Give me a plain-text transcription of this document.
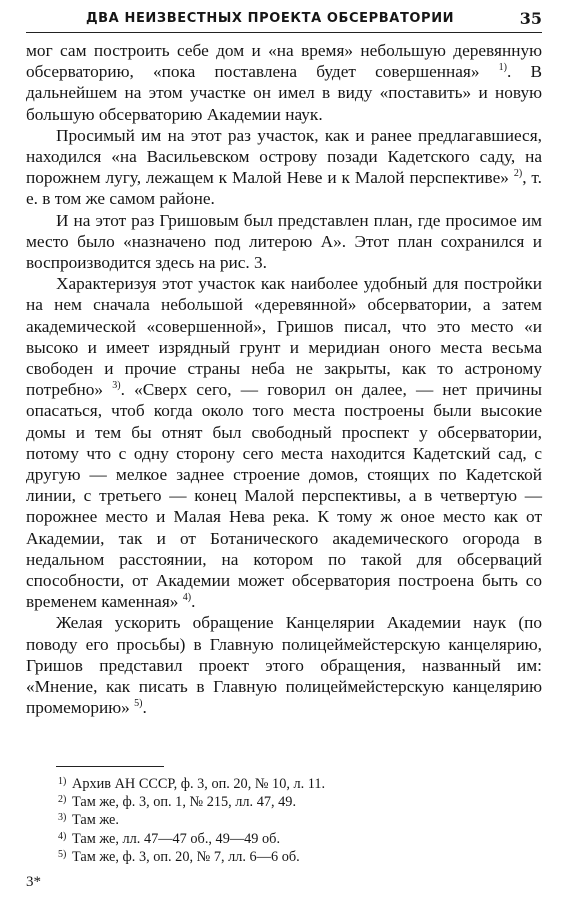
ДВА НЕИЗВЕСТНЫХ ПРОЕКТА ОБСЕРВАТОРИИ	35

мог сам построить себе дом и «на время» небольшую деревянную обсерваторию, «пока поставлена будет совершенная» $^{1)}$. В дальнейшем на этом участке он имел в виду «поставить» и новую большую обсерваторию Академии наук.

Просимый им на этот раз участок, как и ранее предлагавшиеся, находился «на Васильевском острову позади Кадетского саду, на порожнем лугу, лежащем к Малой Неве и к Малой перспективе» $^{2)}$, т. е. в том же самом районе.

И на этот раз Гришовым был представлен план, где просимое им место было «назначено под литерою А». Этот план сохранился и воспроизводится здесь на рис. 3.

Характеризуя этот участок как наиболее удобный для постройки на нем сначала небольшой «деревянной» обсерватории, а затем академической «совершенной», Гришов писал, что это место «и высоко и имеет изрядный грунт и меридиан оного места весьма свободен и прочие страны неба не закрыты, как то астроному потребно» $^{3)}$. «Сверх сего, — говорил он далее, — нет причины опасаться, чтоб когда около того места построены были высокие домы и тем бы отнят был свободный проспект у обсерватории, потому что с одну сторону сего места находится Кадетский сад, с другую — мелкое заднее строение домов, стоящих по Кадетской линии, с третьего — конец Малой перспективы, а в четвертую — порожнее место и Малая Нева река. К тому ж оное место как от Академии, так и от Ботанического академического огорода в недальном расстоянии, на котором по такой для обсерваций способности, от Академии может обсерватория построена быть со временем каменная» $^{4)}$.

Желая ускорить обращение Канцелярии Академии наук (по поводу его просьбы) в Главную полицеймейстерскую канцелярию, Гришов представил проект этого обращения, названный им: «Мнение, как писать в Главную полицеймейстерскую канцелярию промеморию» $^{5)}$.

1) Архив АН СССР, ф. 3, оп. 20, № 10, л. 11.
2) Там же, ф. 3, оп. 1, № 215, лл. 47, 49.
3) Там же.
4) Там же, лл. 47—47 об., 49—49 об.
5) Там же, ф. 3, оп. 20, № 7, лл. 6—6 об.
3*
